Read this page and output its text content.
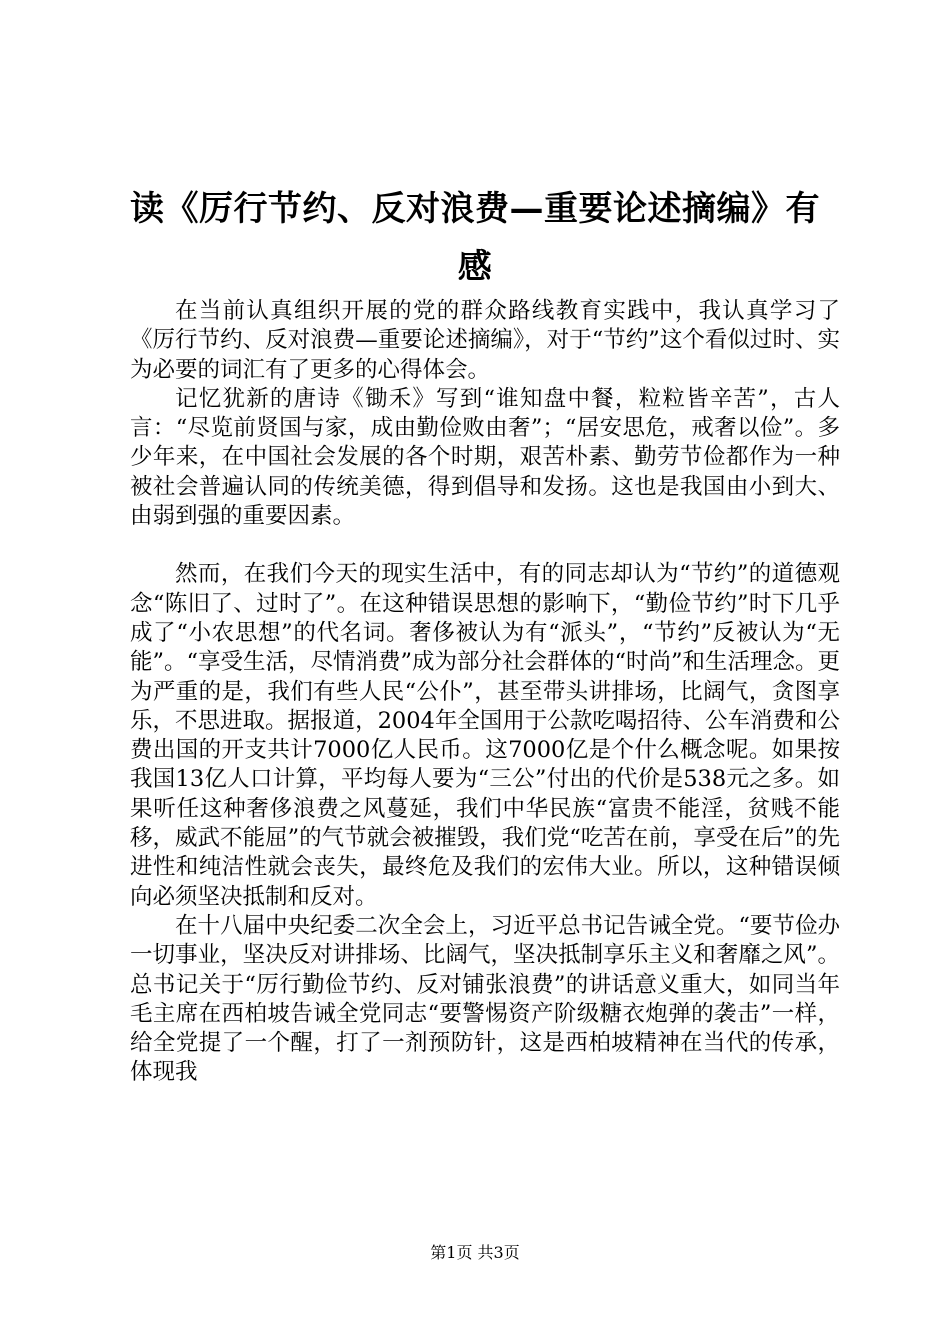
读《厉行节约、反对浪费—重要论述摘编》有
感

在当前认真组织开展的党的群众路线教育实践中，我认真学习了《厉行节约、反对浪费—重要论述摘编》，对于“节约”这个看似过时、实为必要的词汇有了更多的心得体会。

记忆犹新的唐诗《锄禾》写到“谁知盘中餐，粒粒皆辛苦”，古人言：“尽览前贤国与家，成由勤俭败由奢”；“居安思危，戒奢以俭”。多少年来，在中国社会发展的各个时期，艰苦朴素、勤劳节俭都作为一种被社会普遍认同的传统美德，得到倡导和发扬。这也是我国由小到大、由弱到强的重要因素。

然而，在我们今天的现实生活中，有的同志却认为“节约”的道德观念“陈旧了、过时了”。在这种错误思想的影响下，“勤俭节约”时下几乎成了“小农思想”的代名词。奢侈被认为有“派头”，“节约”反被认为“无能”。“享受生活，尽情消费”成为部分社会群体的“时尚”和生活理念。更为严重的是，我们有些人民“公仆”，甚至带头讲排场，比阔气，贪图享乐，不思进取。据报道，2004年全国用于公款吃喝招待、公车消费和公费出国的开支共计7000亿人民币。这7000亿是个什么概念呢。如果按我国13亿人口计算，平均每人要为“三公”付出的代价是538元之多。如果听任这种奢侈浪费之风蔓延，我们中华民族“富贵不能淫，贫贱不能移，威武不能屈”的气节就会被摧毁，我们党“吃苦在前，享受在后”的先进性和纯洁性就会丧失，最终危及我们的宏伟大业。所以，这种错误倾向必须坚决抵制和反对。

在十八届中央纪委二次全会上，习近平总书记告诫全党。“要节俭办一切事业，坚决反对讲排场、比阔气，坚决抵制享乐主义和奢靡之风”。总书记关于“厉行勤俭节约、反对铺张浪费”的讲话意义重大，如同当年毛主席在西柏坡告诫全党同志“要警惕资产阶级糖衣炮弹的袭击”一样，给全党提了一个醒，打了一剂预防针，这是西柏坡精神在当代的传承，体现我

第1页 共3页
